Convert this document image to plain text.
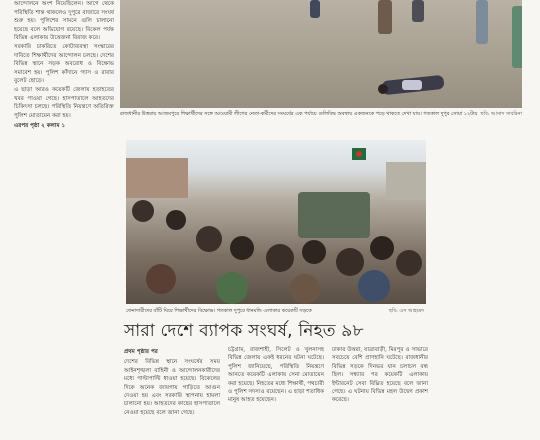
আন্দোলনে অংশ নিয়েছিলেন। আগে থেকে পরিস্থিতি শান্ত থাকলেও দুপুরে বাজারে সংঘর্ষ শুরু হয়। পুলিশের সামনে গুলি চালানো হয়েছে বলে অভিযোগ রয়েছে। বিকেল পর্যন্ত বিভিন্ন এলাকায় উত্তেজনা বিরাজ করে।
সরকারি চাকরিতে কোটাব্যবস্থা সংস্কারের দাবিতে শিক্ষার্থীদের আন্দোলন চলছে। দেশের বিভিন্ন স্থানে সড়ক অবরোধ ও বিক্ষোভ সমাবেশ হয়। পুলিশ কাঁদানে গ্যাস ও রাবার বুলেট ছোড়ে।
এ ছাড়া আরও কয়েকটি জেলায় হতাহতের খবর পাওয়া গেছে। হাসপাতালে আহতদের চিকিৎসা চলছে। পরিস্থিতি নিয়ন্ত্রণে অতিরিক্ত পুলিশ মোতায়েন করা হয়।
এরপর পৃষ্ঠা ২ কলাম ১
রাজধানীর উত্তরায় আজমপুরে শিক্ষার্থীদের সঙ্গে আওয়ামী লীগের নেতা-কর্মীদের সংঘর্ষের এক পর্যায়ে গুলিবিদ্ধ অবস্থায় একজনকে পড়ে থাকতে দেখা যায়। গতকাল দুপুর সোয়া ১২টায় ছবি: আসাদ সাবরিনা
ফেনাদায়ীদের বাঁটি ঘিরে শিক্ষার্থীদের বিক্ষোভ। গতকাল দুপুরে ধানমন্ডি এলাকার কয়েকটি সড়কে	ছবি: এস আহমেদ
সারা দেশে ব্যাপক সংঘর্ষ, নিহত ৯৮
প্রথম পৃষ্ঠার পর
দেশের বিভিন্ন স্থানে সংঘর্ষের সময় আইনশৃঙ্খলা বাহিনী ও আন্দোলনকারীদের মধ্যে পাল্টাপাল্টি ধাওয়া হয়েছে। বিকেলের দিকে অনেক জায়গায় গাড়িতে আগুন দেওয়া হয় এবং সরকারি স্থাপনায় হামলা চালানো হয়। আহতদের কাছের হাসপাতালে নেওয়া হয়েছে বলে জানা গেছে।
চট্টগ্রাম, রাজশাহী, সিলেট ও খুলনাসহ বিভিন্ন জেলায় একই ধরনের ঘটনা ঘটেছে। পুলিশ জানিয়েছে, পরিস্থিতি নিয়ন্ত্রণে আনতে কয়েকটি এলাকায় সেনা মোতায়েন করা হয়েছে। নিহতের মধ্যে শিক্ষার্থী, পথচারী ও পুলিশ সদস্যও রয়েছেন। এ ছাড়া শতাধিক মানুষ আহত হয়েছেন।
ঢাকার উত্তরা, যাত্রাবাড়ী, মিরপুর ও সাভারে সবচেয়ে বেশি প্রাণহানি ঘটেছে। রাজধানীর বিভিন্ন সড়কে দিনভর যান চলাচল বন্ধ ছিল। সন্ধ্যার পর কয়েকটি এলাকায় ইন্টারনেট সেবা বিঘ্নিত হয়েছে বলে জানা গেছে। এ ঘটনায় বিভিন্ন মহল উদ্বেগ প্রকাশ করেছে।
